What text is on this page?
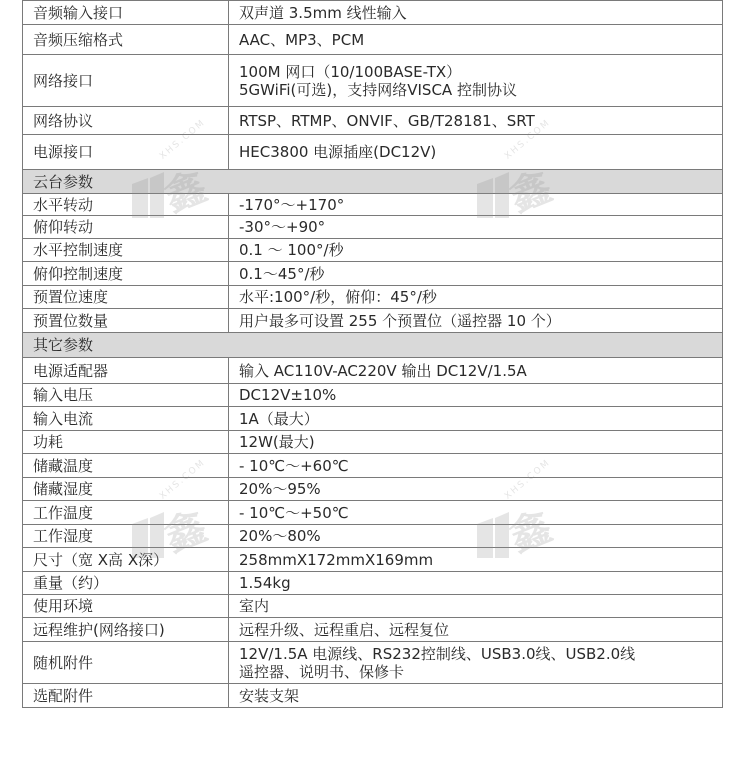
音频输入接口	双声道 3.5mm 线性输入

音频压缩格式	AAC、MP3、PCM

网络接口	100M 网口（10/100BASE-TX）
5GWiFi(可选)，支持网络VISCA 控制协议

网络协议	RTSP、RTMP、ONVIF、GB/T28181、SRT

电源接口	HEC3800 电源插座(DC12V)

云台参数	
水平转动	-170°～+170°

俯仰转动	-30°～+90°

水平控制速度	0.1 ～ 100°/秒

俯仰控制速度	0.1～45°/秒

预置位速度	水平:100°/秒，俯仰：45°/秒

预置位数量	用户最多可设置 255 个预置位（遥控器 10 个）

其它参数	
电源适配器	输入 AC110V-AC220V 输出 DC12V/1.5A

输入电压	DC12V±10%

输入电流	1A（最大）

功耗	12W(最大)

储藏温度	- 10℃～+60℃

储藏湿度	20%～95%

工作温度	- 10℃～+50℃

工作湿度	20%～80%

尺寸（宽 X高 X深）	258mmX172mmX169mm

重量（约）	1.54kg

使用环境	室内

远程维护(网络接口)	远程升级、远程重启、远程复位

随机附件	12V/1.5A 电源线、RS232控制线、USB3.0线、USB2.0线
遥控器、说明书、保修卡

选配附件	安装支架
鑫
XHS.COM
鑫
XHS.COM
鑫
XHS.COM
鑫
XHS.COM
